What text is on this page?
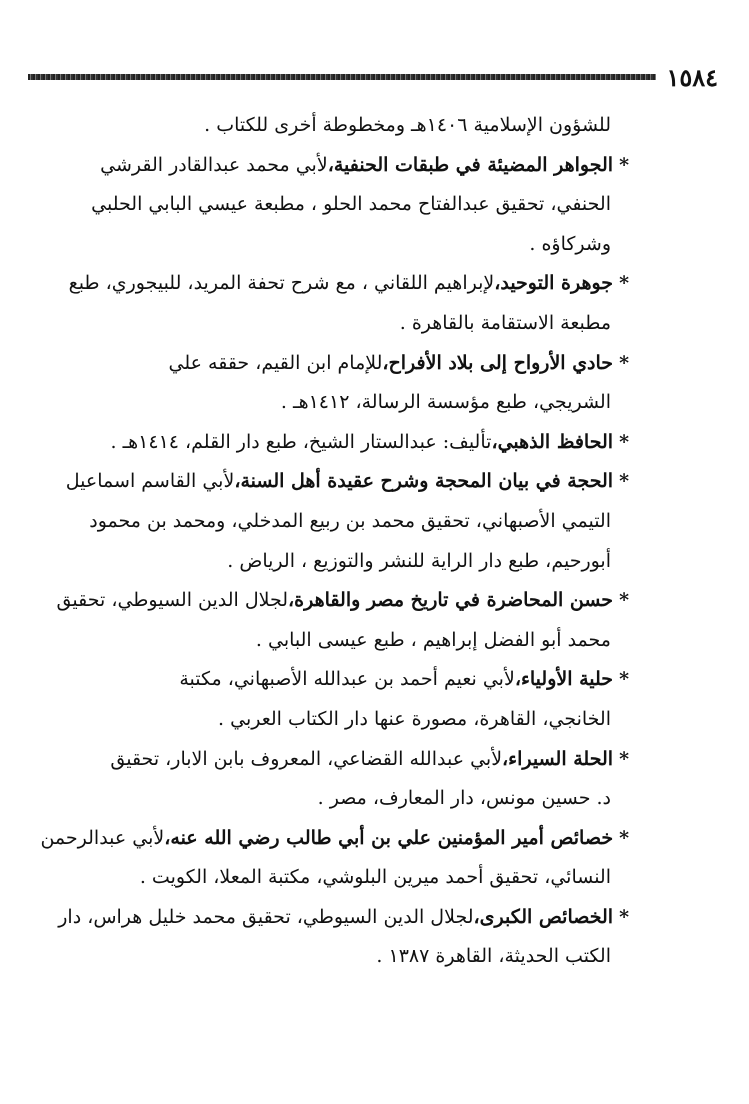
١٥٨٤
للشؤون الإسلامية ١٤٠٦هـ ومخطوطة أخرى للكتاب .
*الجواهر المضيئة في طبقات الحنفية،لأبي محمد عبدالقادر القرشي
الحنفي، تحقيق عبدالفتاح محمد الحلو ، مطبعة عيسي البابي الحلبي
وشركاؤه .
*جوهرة التوحيد،لإبراهيم اللقاني ، مع شرح تحفة المريد، للبيجوري، طبع
مطبعة الاستقامة بالقاهرة .
*حادي الأرواح إلى بلاد الأفراح،للإمام ابن القيم، حققه علي
الشريجي، طبع مؤسسة الرسالة، ١٤١٢هـ .
*الحافظ الذهبي،تأليف: عبدالستار الشيخ، طبع دار القلم، ١٤١٤هـ .
*الحجة في بيان المحجة وشرح عقيدة أهل السنة،لأبي القاسم اسماعيل
التيمي الأصبهاني، تحقيق محمد بن ربيع المدخلي، ومحمد بن محمود
أبورحيم، طبع دار الراية للنشر والتوزيع ، الرياض .
*حسن المحاضرة في تاريخ مصر والقاهرة،لجلال الدين السيوطي، تحقيق
محمد أبو الفضل إبراهيم ، طبع عيسى البابي .
*حلية الأولياء،لأبي نعيم أحمد بن عبدالله الأصبهاني، مكتبة
الخانجي، القاهرة، مصورة عنها دار الكتاب العربي .
*الحلة السيراء،لأبي عبدالله القضاعي، المعروف بابن الابار، تحقيق
د. حسين مونس، دار المعارف، مصر .
*خصائص أمير المؤمنين علي بن أبي طالب رضي الله عنه،لأبي عبدالرحمن
النسائي، تحقيق أحمد ميرين البلوشي، مكتبة المعلا، الكويت .
*الخصائص الكبرى،لجلال الدين السيوطي، تحقيق محمد خليل هراس، دار
الكتب الحديثة، القاهرة ١٣٨٧ .
